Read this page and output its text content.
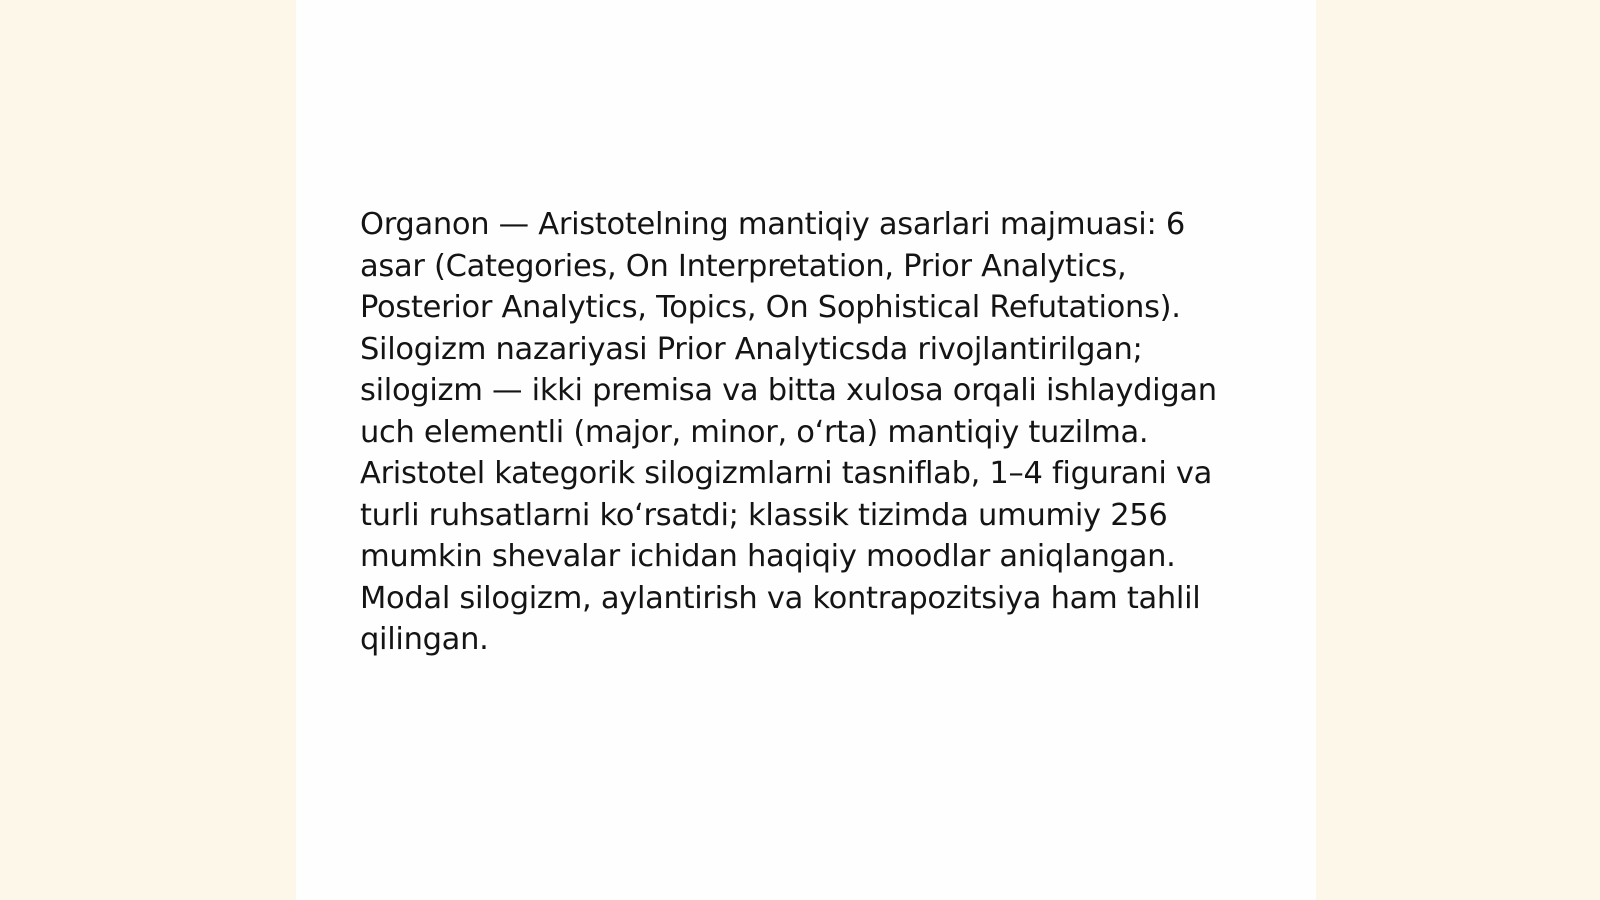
Organon — Aristotelning mantiqiy asarlari majmuasi: 6 asar (Categories, On Interpretation, Prior Analytics, Posterior Analytics, Topics, On Sophistical Refutations). Silogizm nazariyasi Prior Analyticsda rivojlantirilgan; silogizm — ikki premisa va bitta xulosa orqali ishlaydigan uch elementli (major, minor, oʻrta) mantiqiy tuzilma. Aristotel kategorik silogizmlarni tasniflab, 1–4 figurani va turli ruhsatlarni koʻrsatdi; klassik tizimda umumiy 256 mumkin shevalar ichidan haqiqiy moodlar aniqlangan. Modal silogizm, aylantirish va kontrapozitsiya ham tahlil qilingan.
